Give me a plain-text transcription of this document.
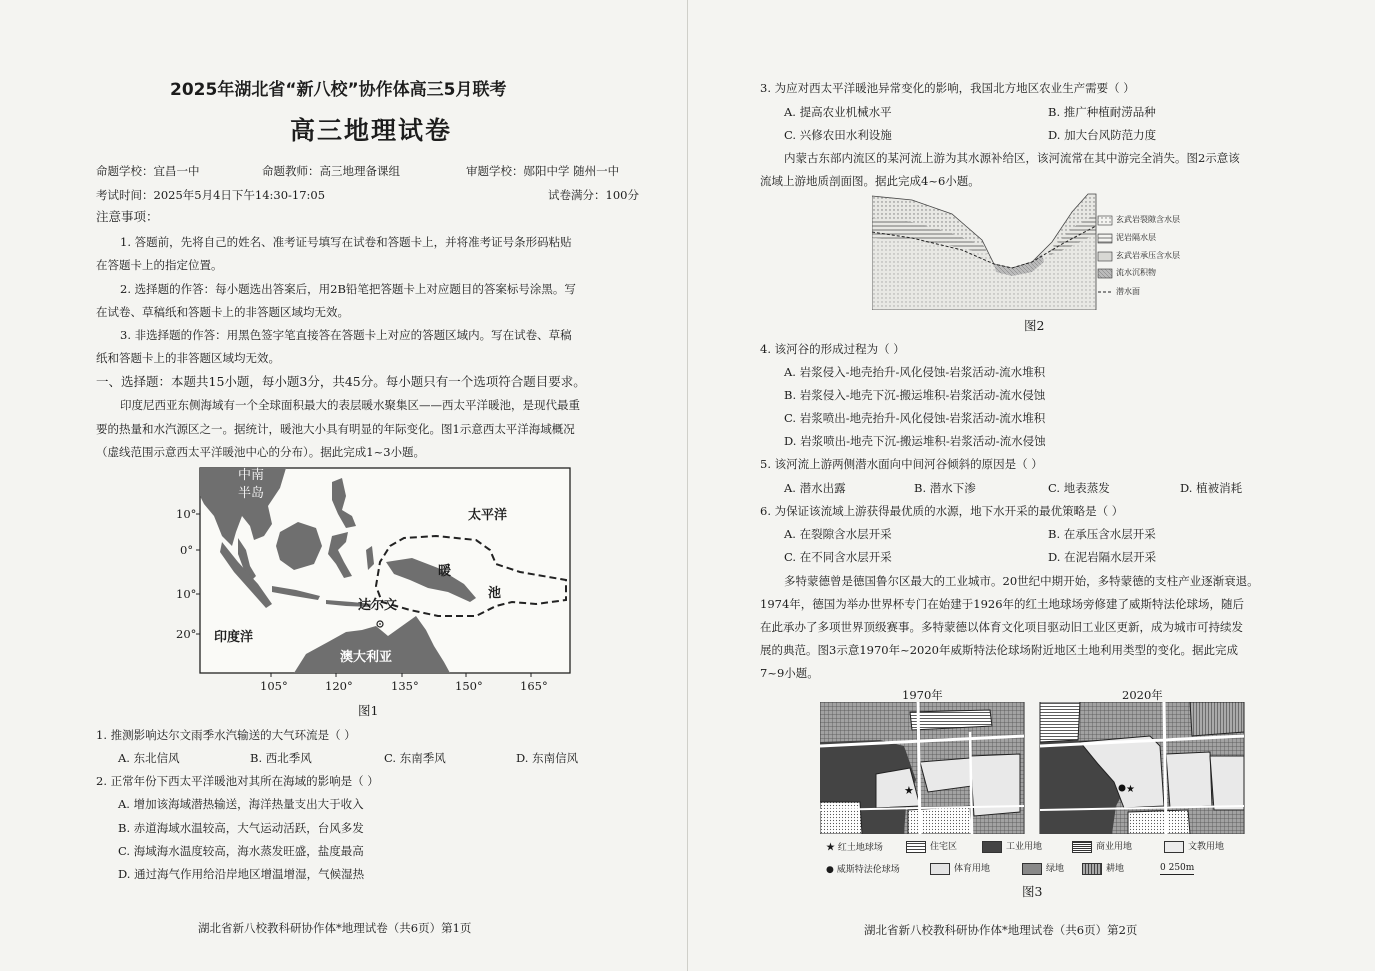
2025年湖北省“新八校”协作体高三5月联考
高三地理试卷
命题学校：宜昌一中	命题教师：高三地理备课组	审题学校：郧阳中学 随州一中
考试时间：2025年5月4日下午14:30-17:05	试卷满分：100分
注意事项：
1. 答题前，先将自己的姓名、准考证号填写在试卷和答题卡上，并将准考证号条形码粘贴
在答题卡上的指定位置。
2. 选择题的作答：每小题选出答案后，用2B铅笔把答题卡上对应题目的答案标号涂黑。写
在试卷、草稿纸和答题卡上的非答题区域均无效。
3. 非选择题的作答：用黑色签字笔直接答在答题卡上对应的答题区域内。写在试卷、草稿
纸和答题卡上的非答题区域均无效。
一、选择题：本题共15小题，每小题3分，共45分。每小题只有一个选项符合题目要求。
印度尼西亚东侧海域有一个全球面积最大的表层暖水聚集区——西太平洋暖池，是现代最重
要的热量和水汽源区之一。据统计，暖池大小具有明显的年际变化。图1示意西太平洋海域概况
（虚线范围示意西太平洋暖池中心的分布）。据此完成1~3小题。
中南
半岛
太平洋
暖
池
达尔文
印度洋
澳大利亚
10°
0°
10°
20°
105°	120°	135°	150°	165°
图1
1. 推测影响达尔文雨季水汽输送的大气环流是（ ）
A. 东北信风	B. 西北季风	C. 东南季风	D. 东南信风
2. 正常年份下西太平洋暖池对其所在海域的影响是（ ）
A. 增加该海域潜热输送，海洋热量支出大于收入
B. 赤道海域水温较高，大气运动活跃，台风多发
C. 海域海水温度较高，海水蒸发旺盛，盐度最高
D. 通过海气作用给沿岸地区增温增湿，气候湿热
湖北省新八校教科研协作体*地理试卷（共6页）第1页
3. 为应对西太平洋暖池异常变化的影响，我国北方地区农业生产需要（ ）
A. 提高农业机械水平	B. 推广种植耐涝品种
C. 兴修农田水利设施	D. 加大台风防范力度
内蒙古东部内流区的某河流上游为其水源补给区，该河流常在其中游完全消失。图2示意该
流域上游地质剖面图。据此完成4~6小题。
玄武岩裂隙含水层
泥岩隔水层
玄武岩承压含水层
流水沉积物
潜水面
图2
4. 该河谷的形成过程为（ ）
A. 岩浆侵入-地壳抬升-风化侵蚀-岩浆活动-流水堆积
B. 岩浆侵入-地壳下沉-搬运堆积-岩浆活动-流水侵蚀
C. 岩浆喷出-地壳抬升-风化侵蚀-岩浆活动-流水堆积
D. 岩浆喷出-地壳下沉-搬运堆积-岩浆活动-流水侵蚀
5. 该河流上游两侧潜水面向中间河谷倾斜的原因是（ ）
A. 潜水出露	B. 潜水下渗	C. 地表蒸发	D. 植被消耗
6. 为保证该流域上游获得最优质的水源，地下水开采的最优策略是（ ）
A. 在裂隙含水层开采	B. 在承压含水层开采
C. 在不同含水层开采	D. 在泥岩隔水层开采
多特蒙德曾是德国鲁尔区最大的工业城市。20世纪中期开始，多特蒙德的支柱产业逐渐衰退。
1974年，德国为举办世界杯专门在始建于1926年的红土地球场旁修建了威斯特法伦球场，随后
在此承办了多项世界顶级赛事。多特蒙德以体育文化项目驱动旧工业区更新，成为城市可持续发
展的典范。图3示意1970年~2020年威斯特法伦球场附近地区土地利用类型的变化。据此完成
7~9小题。
1970年	2020年
★	★
★ 红土地球场	住宅区	工业用地	商业用地	文教用地
● 威斯特法伦球场	体育用地	绿地	耕地	0 250m
图3
湖北省新八校教科研协作体*地理试卷（共6页）第2页
